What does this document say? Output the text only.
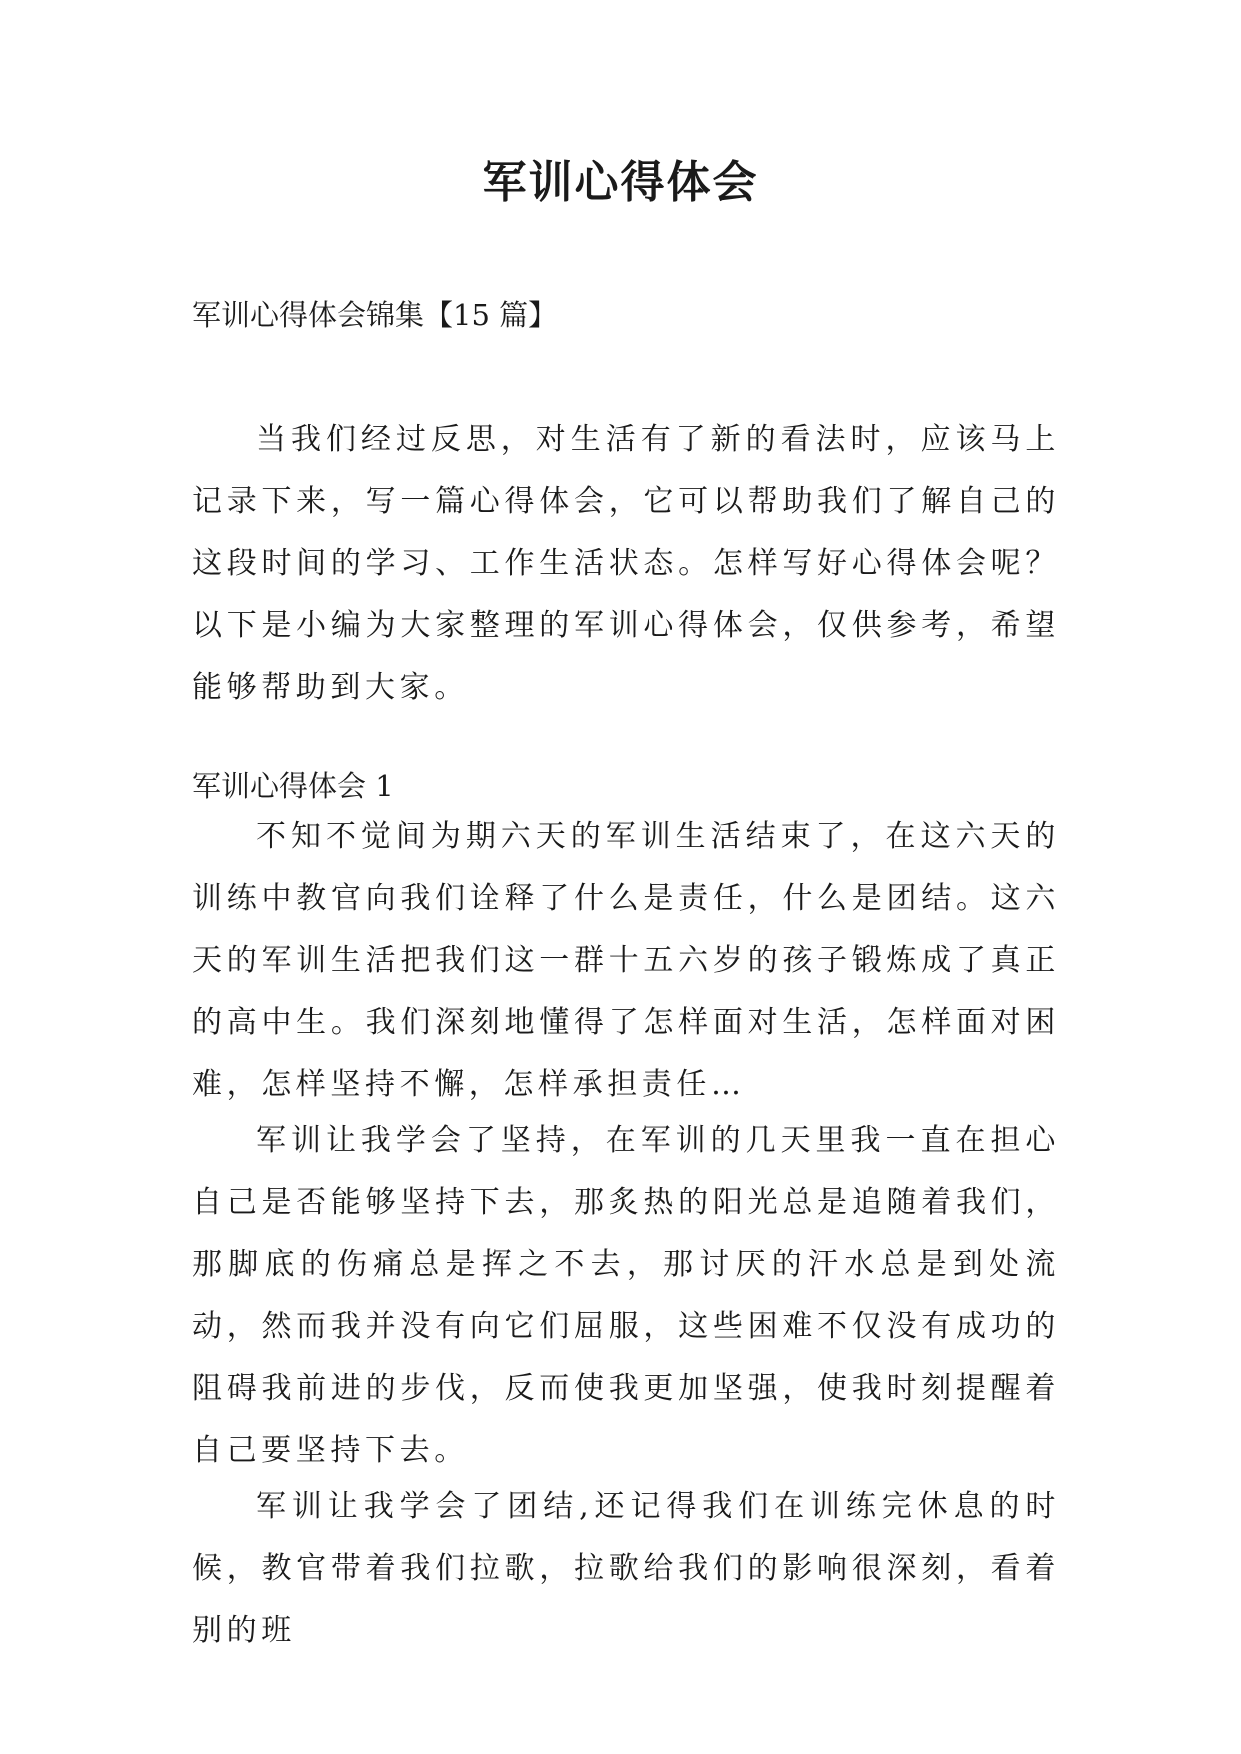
军训心得体会
军训心得体会锦集【15 篇】

当我们经过反思，对生活有了新的看法时，应该马上记录下来，写一篇心得体会，它可以帮助我们了解自己的这段时间的学习、工作生活状态。怎样写好心得体会呢？以下是小编为大家整理的军训心得体会，仅供参考，希望能够帮助到大家。

军训心得体会 1

不知不觉间为期六天的军训生活结束了，在这六天的训练中教官向我们诠释了什么是责任，什么是团结。这六天的军训生活把我们这一群十五六岁的孩子锻炼成了真正的高中生。我们深刻地懂得了怎样面对生活，怎样面对困难，怎样坚持不懈，怎样承担责任…

军训让我学会了坚持，在军训的几天里我一直在担心自己是否能够坚持下去，那炙热的阳光总是追随着我们，那脚底的伤痛总是挥之不去，那讨厌的汗水总是到处流动，然而我并没有向它们屈服，这些困难不仅没有成功的阻碍我前进的步伐，反而使我更加坚强，使我时刻提醒着自己要坚持下去。

军训让我学会了团结,还记得我们在训练完休息的时候，教官带着我们拉歌，拉歌给我们的影响很深刻，看着别的班
